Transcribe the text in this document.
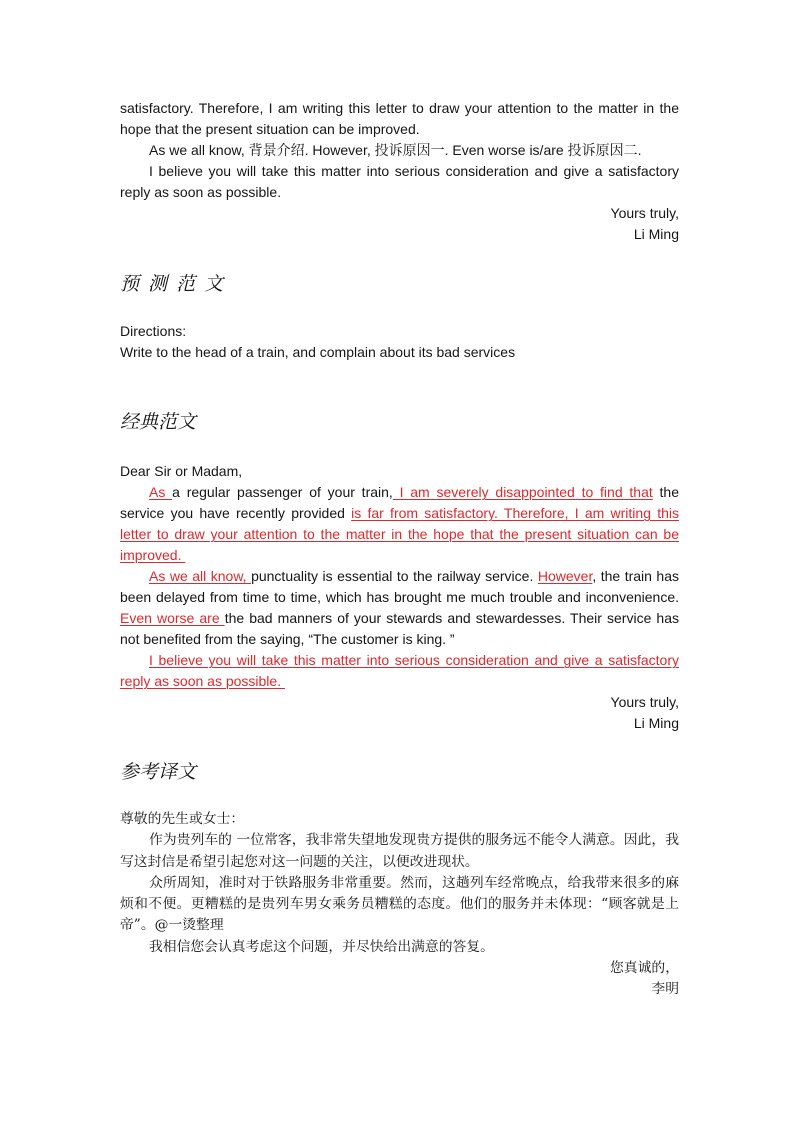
satisfactory. Therefore, I am writing this letter to draw your attention to the matter in the
hope that the present situation can be improved.
As we all know, 背景介绍. However, 投诉原因一. Even worse is/are 投诉原因二.
I believe you will take this matter into serious consideration and give a satisfactory
reply as soon as possible.
Yours truly,
Li Ming
预 测 范 文
Directions:
Write to the head of a train, and complain about its bad services
经典范文
Dear Sir or Madam,
As a regular passenger of your train, I am severely disappointed to find that the
service you have recently provided is far from satisfactory. Therefore, I am writing this
letter to draw your attention to the matter in the hope that the present situation can be
improved.
As we all know, punctuality is essential to the railway service. However, the train has
been delayed from time to time, which has brought me much trouble and inconvenience.
Even worse are the bad manners of your stewards and stewardesses. Their service has
not benefited from the saying, “The customer is king. ”
I believe you will take this matter into serious consideration and give a satisfactory
reply as soon as possible.
Yours truly,
Li Ming
参考译文
尊敬的先生或女士：
作为贵列车的 一位常客，我非常失望地发现贵方提供的服务远不能令人满意。因此，我
写这封信是希望引起您对这一问题的关注，以便改进现状。
众所周知，准时对于铁路服务非常重要。然而，这趟列车经常晚点，给我带来很多的麻
烦和不便。更糟糕的是贵列车男女乘务员糟糕的态度。他们的服务并未体现：“顾客就是上
帝”。@一烫整理
我相信您会认真考虑这个问题，并尽快给出满意的答复。
您真诚的，
李明
